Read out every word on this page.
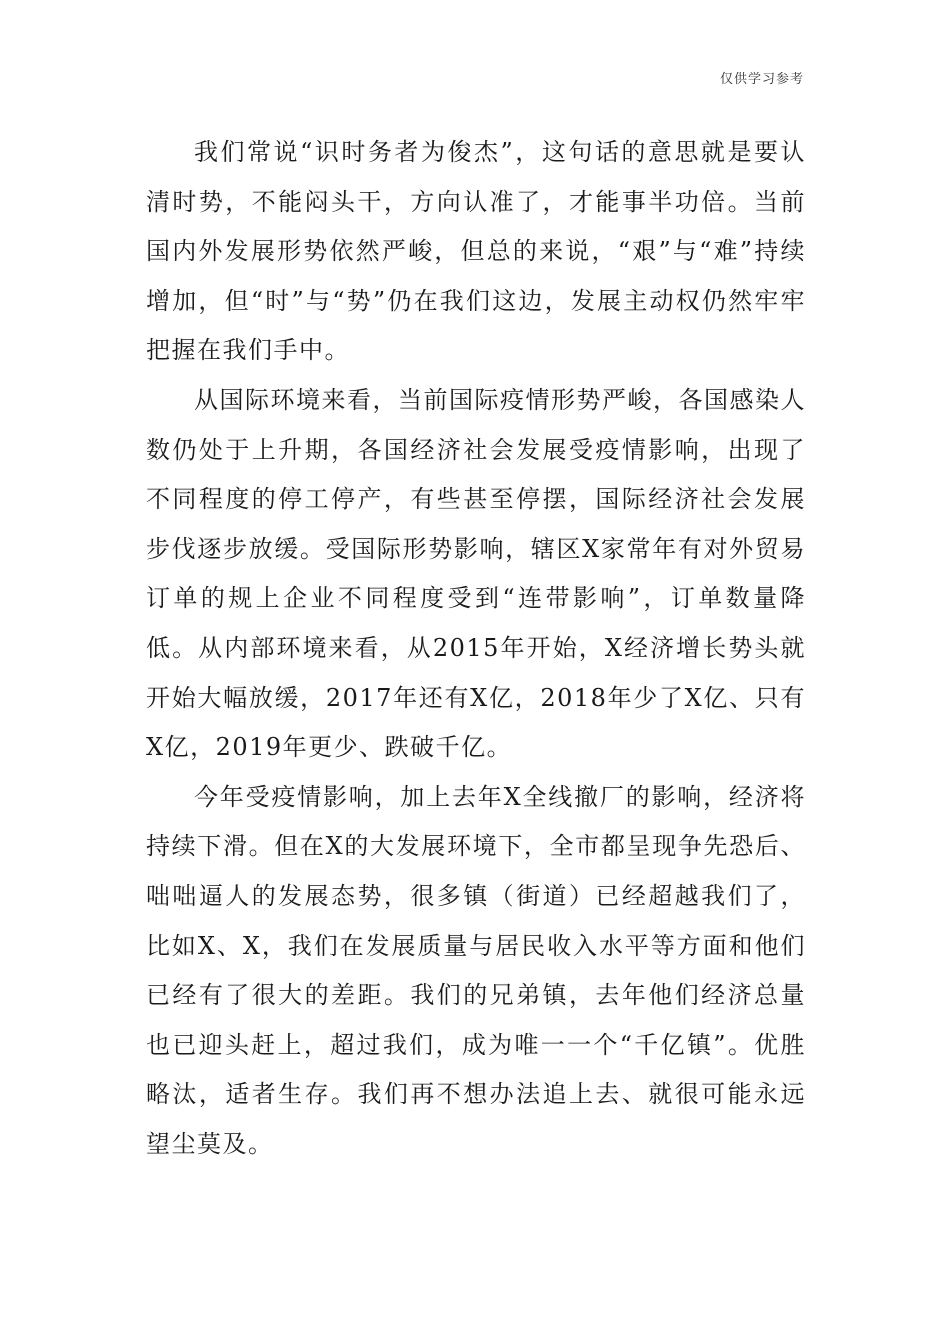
仅供学习参考

我们常说“识时务者为俊杰”，这句话的意思就是要认清时势，不能闷头干，方向认准了，才能事半功倍。当前国内外发展形势依然严峻，但总的来说，“艰”与“难”持续增加，但“时”与“势”仍在我们这边，发展主动权仍然牢牢把握在我们手中。

从国际环境来看，当前国际疫情形势严峻，各国感染人数仍处于上升期，各国经济社会发展受疫情影响，出现了不同程度的停工停产，有些甚至停摆，国际经济社会发展步伐逐步放缓。受国际形势影响，辖区X家常年有对外贸易订单的规上企业不同程度受到“连带影响”，订单数量降低。从内部环境来看，从2015年开始，X经济增长势头就开始大幅放缓，2017年还有X亿，2018年少了X亿、只有X亿，2019年更少、跌破千亿。

今年受疫情影响，加上去年X全线撤厂的影响，经济将持续下滑。但在X的大发展环境下，全市都呈现争先恐后、咄咄逼人的发展态势，很多镇（街道）已经超越我们了，比如X、X，我们在发展质量与居民收入水平等方面和他们已经有了很大的差距。我们的兄弟镇，去年他们经济总量也已迎头赶上，超过我们，成为唯一一个“千亿镇”。优胜略汰，适者生存。我们再不想办法追上去、就很可能永远望尘莫及。
